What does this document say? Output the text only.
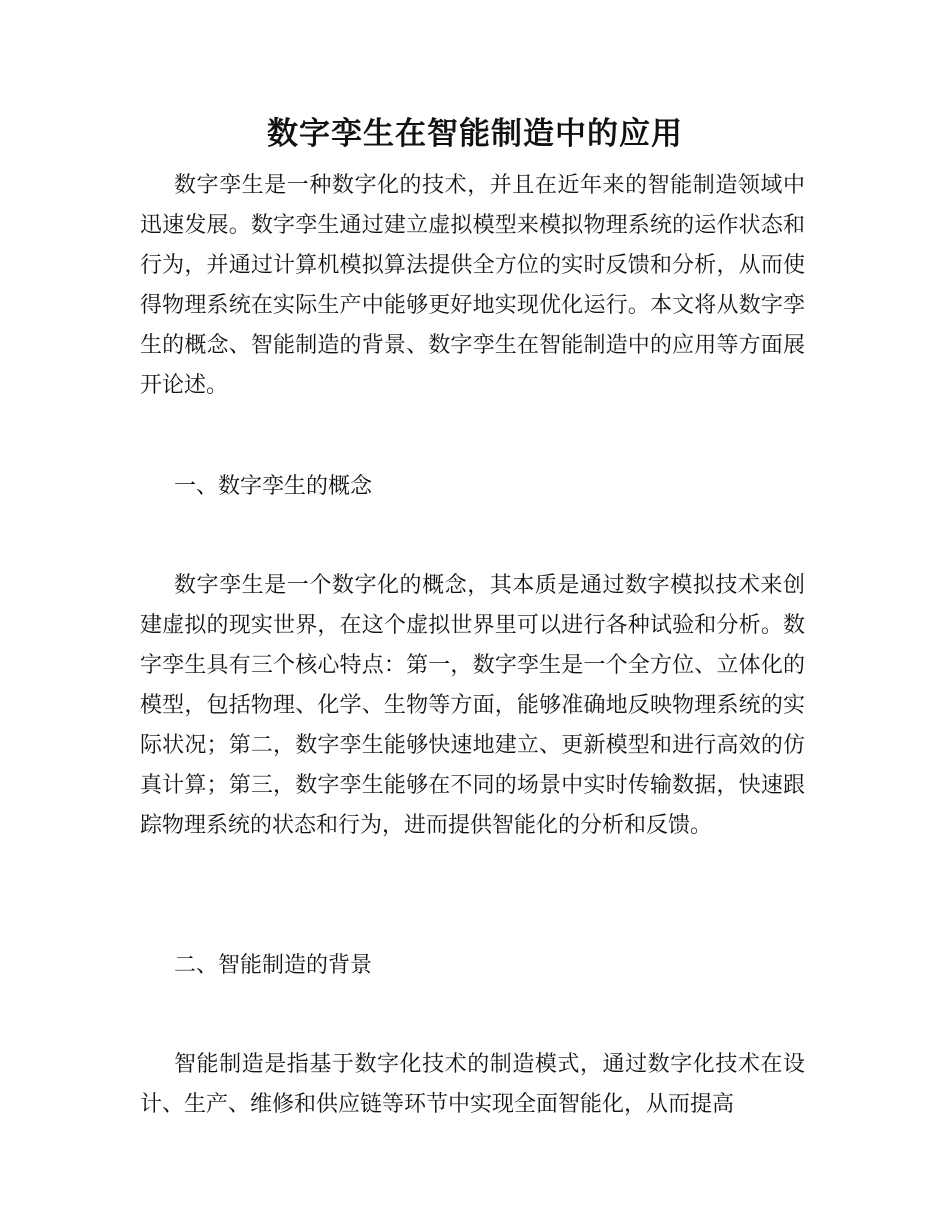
数字孪生在智能制造中的应用

数字孪生是一种数字化的技术，并且在近年来的智能制造领域中迅速发展。数字孪生通过建立虚拟模型来模拟物理系统的运作状态和行为，并通过计算机模拟算法提供全方位的实时反馈和分析，从而使得物理系统在实际生产中能够更好地实现优化运行。本文将从数字孪生的概念、智能制造的背景、数字孪生在智能制造中的应用等方面展开论述。

一、数字孪生的概念

数字孪生是一个数字化的概念，其本质是通过数字模拟技术来创建虚拟的现实世界，在这个虚拟世界里可以进行各种试验和分析。数字孪生具有三个核心特点：第一，数字孪生是一个全方位、立体化的模型，包括物理、化学、生物等方面，能够准确地反映物理系统的实际状况；第二，数字孪生能够快速地建立、更新模型和进行高效的仿真计算；第三，数字孪生能够在不同的场景中实时传输数据，快速跟踪物理系统的状态和行为，进而提供智能化的分析和反馈。

二、智能制造的背景

智能制造是指基于数字化技术的制造模式，通过数字化技术在设计、生产、维修和供应链等环节中实现全面智能化，从而提高
